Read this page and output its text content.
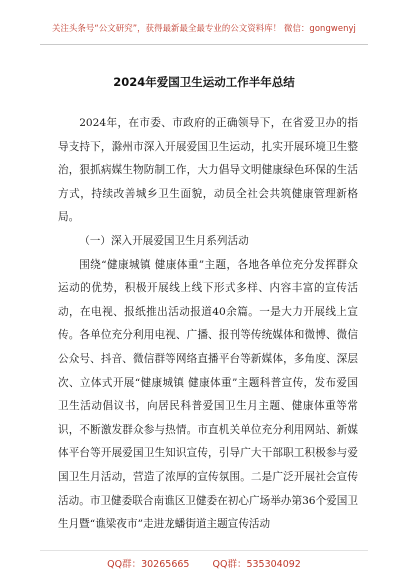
关注头条号“公文研究”，获得最新最全最专业的公文资料库！ 微信：gongwenyj
2024年爱国卫生运动工作半年总结

2024年，在市委、市政府的正确领导下，在省爱卫办的指导支持下，滁州市深入开展爱国卫生运动，扎实开展环境卫生整治，狠抓病媒生物防制工作，大力倡导文明健康绿色环保的生活方式，持续改善城乡卫生面貌，动员全社会共筑健康管理新格局。

（一）深入开展爱国卫生月系列活动

围绕“健康城镇 健康体重”主题，各地各单位充分发挥群众运动的优势，积极开展线上线下形式多样、内容丰富的宣传活动，在电视、报纸推出活动报道40余篇。一是大力开展线上宣传。各单位充分利用电视、广播、报刊等传统媒体和微博、微信公众号、抖音、微信群等网络直播平台等新媒体，多角度、深层次、立体式开展“健康城镇 健康体重”主题科普宣传，发布爱国卫生活动倡议书，向居民科普爱国卫生月主题、健康体重等常识，不断激发群众参与热情。市直机关单位充分利用网站、新媒体平台等开展爱国卫生知识宣传，引导广大干部职工积极参与爱国卫生月活动，营造了浓厚的宣传氛围。二是广泛开展社会宣传活动。市卫健委联合南谯区卫健委在初心广场举办第36个爱国卫生月暨“谯梁夜市”走进龙蟠街道主题宣传活动

QQ群：30265665 QQ群：535304092
